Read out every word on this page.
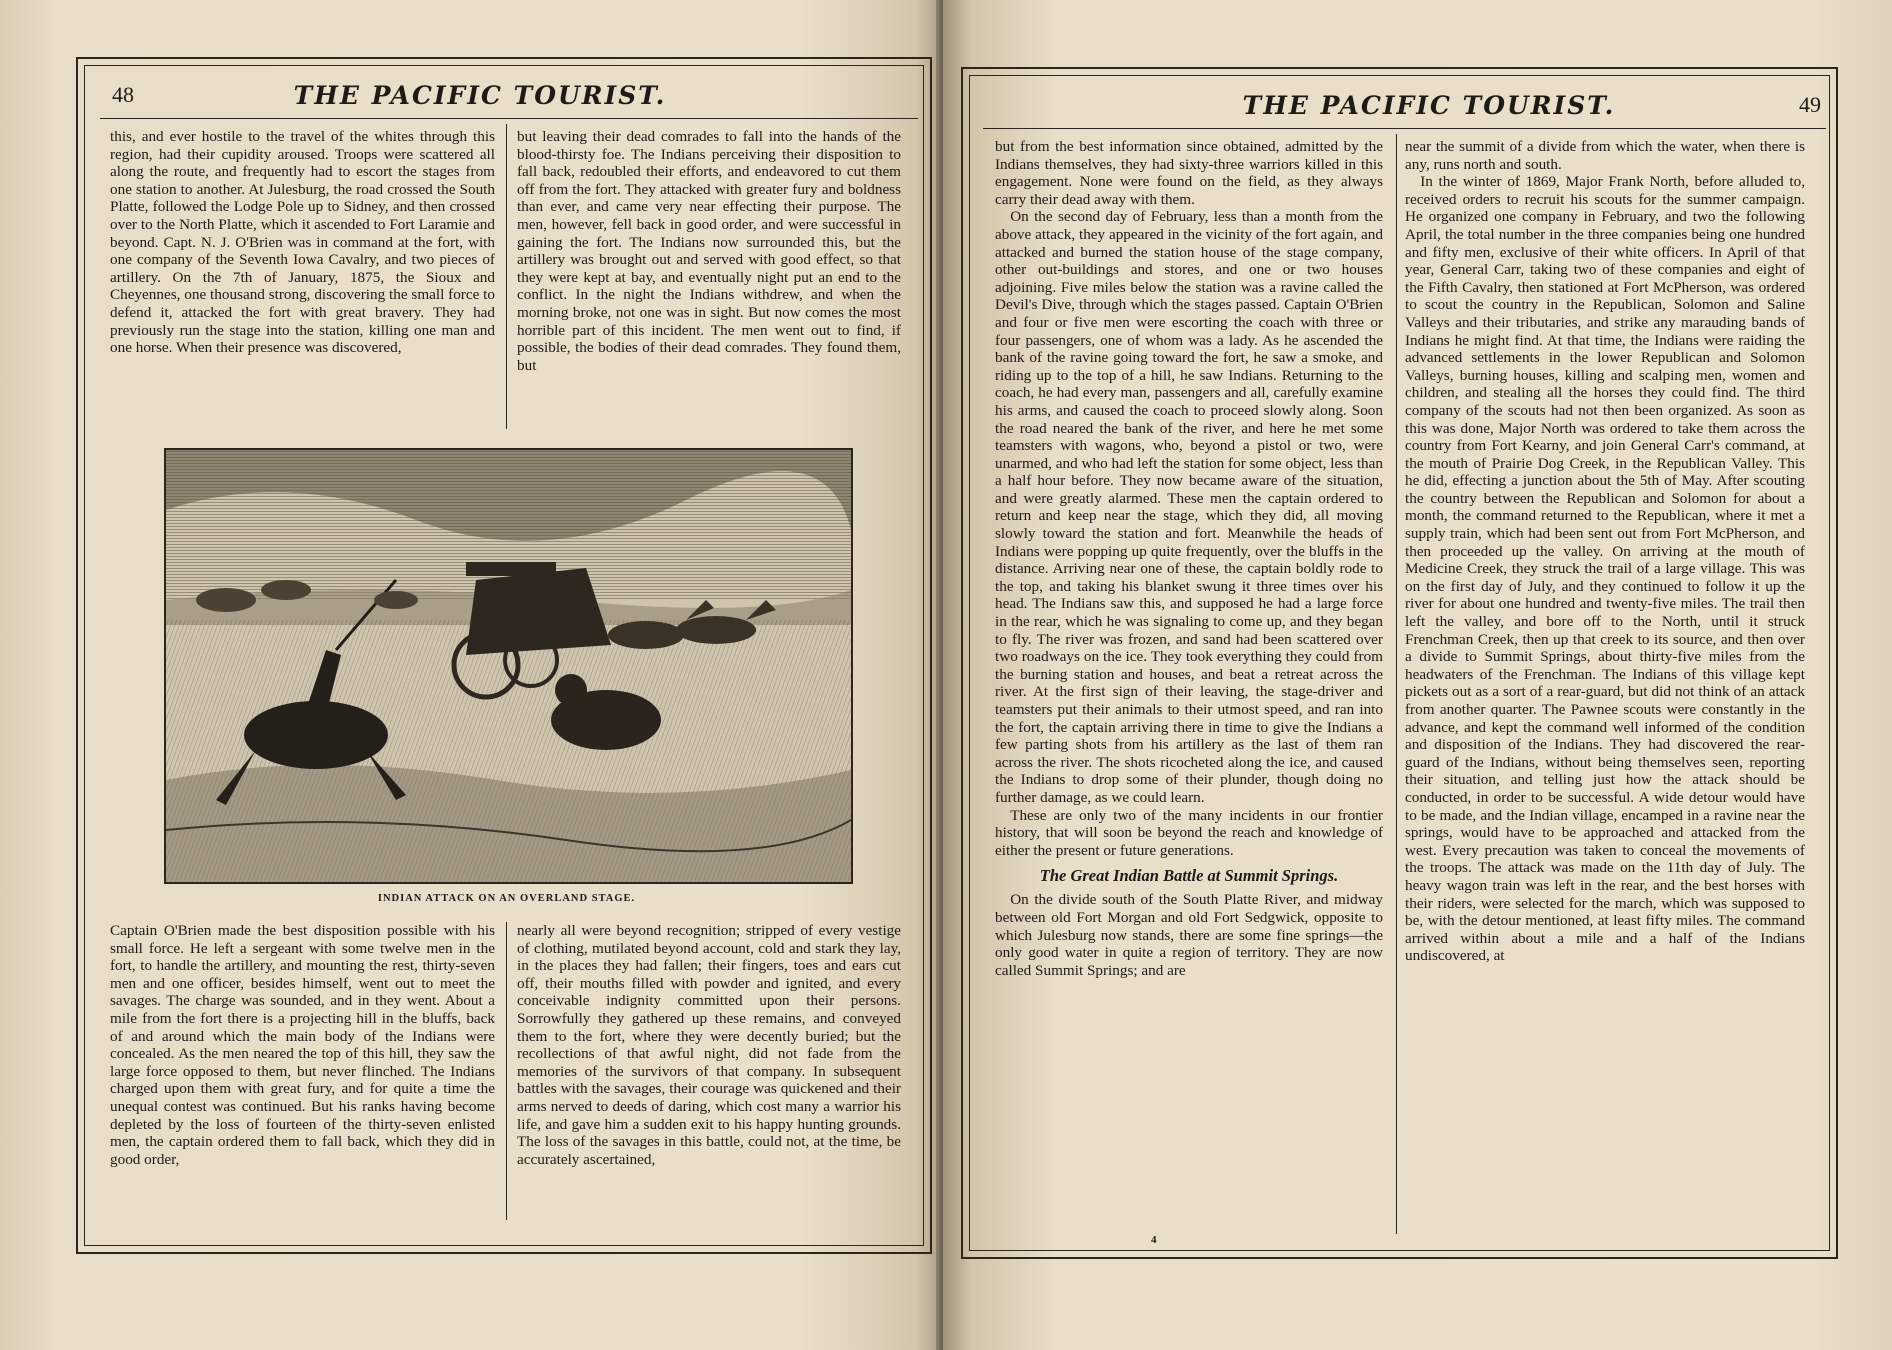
48	THE PACIFIC TOURIST.

this, and ever hostile to the travel of the whites through this region, had their cupidity aroused. Troops were scattered all along the route, and frequently had to escort the stages from one station to another. At Julesburg, the road crossed the South Platte, followed the Lodge Pole up to Sidney, and then crossed over to the North Platte, which it ascended to Fort Laramie and beyond. Capt. N. J. O'Brien was in command at the fort, with one company of the Seventh Iowa Cavalry, and two pieces of artillery. On the 7th of January, 1875, the Sioux and Cheyennes, one thousand strong, discovering the small force to defend it, attacked the fort with great bravery. They had previously run the stage into the station, killing one man and one horse. When their presence was discovered,

but leaving their dead comrades to fall into the hands of the blood-thirsty foe. The Indians perceiving their disposition to fall back, redoubled their efforts, and endeavored to cut them off from the fort. They attacked with greater fury and boldness than ever, and came very near effecting their purpose. The men, however, fell back in good order, and were successful in gaining the fort. The Indians now surrounded this, but the artillery was brought out and served with good effect, so that they were kept at bay, and eventually night put an end to the conflict. In the night the Indians withdrew, and when the morning broke, not one was in sight. But now comes the most horrible part of this incident. The men went out to find, if possible, the bodies of their dead comrades. They found them, but

INDIAN ATTACK ON AN OVERLAND STAGE.

Captain O'Brien made the best disposition possible with his small force. He left a sergeant with some twelve men in the fort, to handle the artillery, and mounting the rest, thirty-seven men and one officer, besides himself, went out to meet the savages. The charge was sounded, and in they went. About a mile from the fort there is a projecting hill in the bluffs, back of and around which the main body of the Indians were concealed. As the men neared the top of this hill, they saw the large force opposed to them, but never flinched. The Indians charged upon them with great fury, and for quite a time the unequal contest was continued. But his ranks having become depleted by the loss of fourteen of the thirty-seven enlisted men, the captain ordered them to fall back, which they did in good order,

nearly all were beyond recognition; stripped of every vestige of clothing, mutilated beyond account, cold and stark they lay, in the places they had fallen; their fingers, toes and ears cut off, their mouths filled with powder and ignited, and every conceivable indignity committed upon their persons. Sorrowfully they gathered up these remains, and conveyed them to the fort, where they were decently buried; but the recollections of that awful night, did not fade from the memories of the survivors of that company. In subsequent battles with the savages, their courage was quickened and their arms nerved to deeds of daring, which cost many a warrior his life, and gave him a sudden exit to his happy hunting grounds. The loss of the savages in this battle, could not, at the time, be accurately ascertained,

THE PACIFIC TOURIST.	49

but from the best information since obtained, admitted by the Indians themselves, they had sixty-three warriors killed in this engagement. None were found on the field, as they always carry their dead away with them.

On the second day of February, less than a month from the above attack, they appeared in the vicinity of the fort again, and attacked and burned the station house of the stage company, other out-buildings and stores, and one or two houses adjoining. Five miles below the station was a ravine called the Devil's Dive, through which the stages passed. Captain O'Brien and four or five men were escorting the coach with three or four passengers, one of whom was a lady. As he ascended the bank of the ravine going toward the fort, he saw a smoke, and riding up to the top of a hill, he saw Indians. Returning to the coach, he had every man, passengers and all, carefully examine his arms, and caused the coach to proceed slowly along. Soon the road neared the bank of the river, and here he met some teamsters with wagons, who, beyond a pistol or two, were unarmed, and who had left the station for some object, less than a half hour before. They now became aware of the situation, and were greatly alarmed. These men the captain ordered to return and keep near the stage, which they did, all moving slowly toward the station and fort. Meanwhile the heads of Indians were popping up quite frequently, over the bluffs in the distance. Arriving near one of these, the captain boldly rode to the top, and taking his blanket swung it three times over his head. The Indians saw this, and supposed he had a large force in the rear, which he was signaling to come up, and they began to fly. The river was frozen, and sand had been scattered over two roadways on the ice. They took everything they could from the burning station and houses, and beat a retreat across the river. At the first sign of their leaving, the stage-driver and teamsters put their animals to their utmost speed, and ran into the fort, the captain arriving there in time to give the Indians a few parting shots from his artillery as the last of them ran across the river. The shots ricocheted along the ice, and caused the Indians to drop some of their plunder, though doing no further damage, as we could learn.

These are only two of the many incidents in our frontier history, that will soon be beyond the reach and knowledge of either the present or future generations.

The Great Indian Battle at Summit Springs.

On the divide south of the South Platte River, and midway between old Fort Morgan and old Fort Sedgwick, opposite to which Julesburg now stands, there are some fine springs—the only good water in quite a region of territory. They are now called Summit Springs; and are

near the summit of a divide from which the water, when there is any, runs north and south.

In the winter of 1869, Major Frank North, before alluded to, received orders to recruit his scouts for the summer campaign. He organized one company in February, and two the following April, the total number in the three companies being one hundred and fifty men, exclusive of their white officers. In April of that year, General Carr, taking two of these companies and eight of the Fifth Cavalry, then stationed at Fort McPherson, was ordered to scout the country in the Republican, Solomon and Saline Valleys and their tributaries, and strike any marauding bands of Indians he might find. At that time, the Indians were raiding the advanced settlements in the lower Republican and Solomon Valleys, burning houses, killing and scalping men, women and children, and stealing all the horses they could find. The third company of the scouts had not then been organized. As soon as this was done, Major North was ordered to take them across the country from Fort Kearny, and join General Carr's command, at the mouth of Prairie Dog Creek, in the Republican Valley. This he did, effecting a junction about the 5th of May. After scouting the country between the Republican and Solomon for about a month, the command returned to the Republican, where it met a supply train, which had been sent out from Fort McPherson, and then proceeded up the valley. On arriving at the mouth of Medicine Creek, they struck the trail of a large village. This was on the first day of July, and they continued to follow it up the river for about one hundred and twenty-five miles. The trail then left the valley, and bore off to the North, until it struck Frenchman Creek, then up that creek to its source, and then over a divide to Summit Springs, about thirty-five miles from the headwaters of the Frenchman. The Indians of this village kept pickets out as a sort of a rear-guard, but did not think of an attack from another quarter. The Pawnee scouts were constantly in the advance, and kept the command well informed of the condition and disposition of the Indians. They had discovered the rear-guard of the Indians, without being themselves seen, reporting their situation, and telling just how the attack should be conducted, in order to be successful. A wide detour would have to be made, and the Indian village, encamped in a ravine near the springs, would have to be approached and attacked from the west. Every precaution was taken to conceal the movements of the troops. The attack was made on the 11th day of July. The heavy wagon train was left in the rear, and the best horses with their riders, were selected for the march, which was supposed to be, with the detour mentioned, at least fifty miles. The command arrived within about a mile and a half of the Indians undiscovered, at

4
